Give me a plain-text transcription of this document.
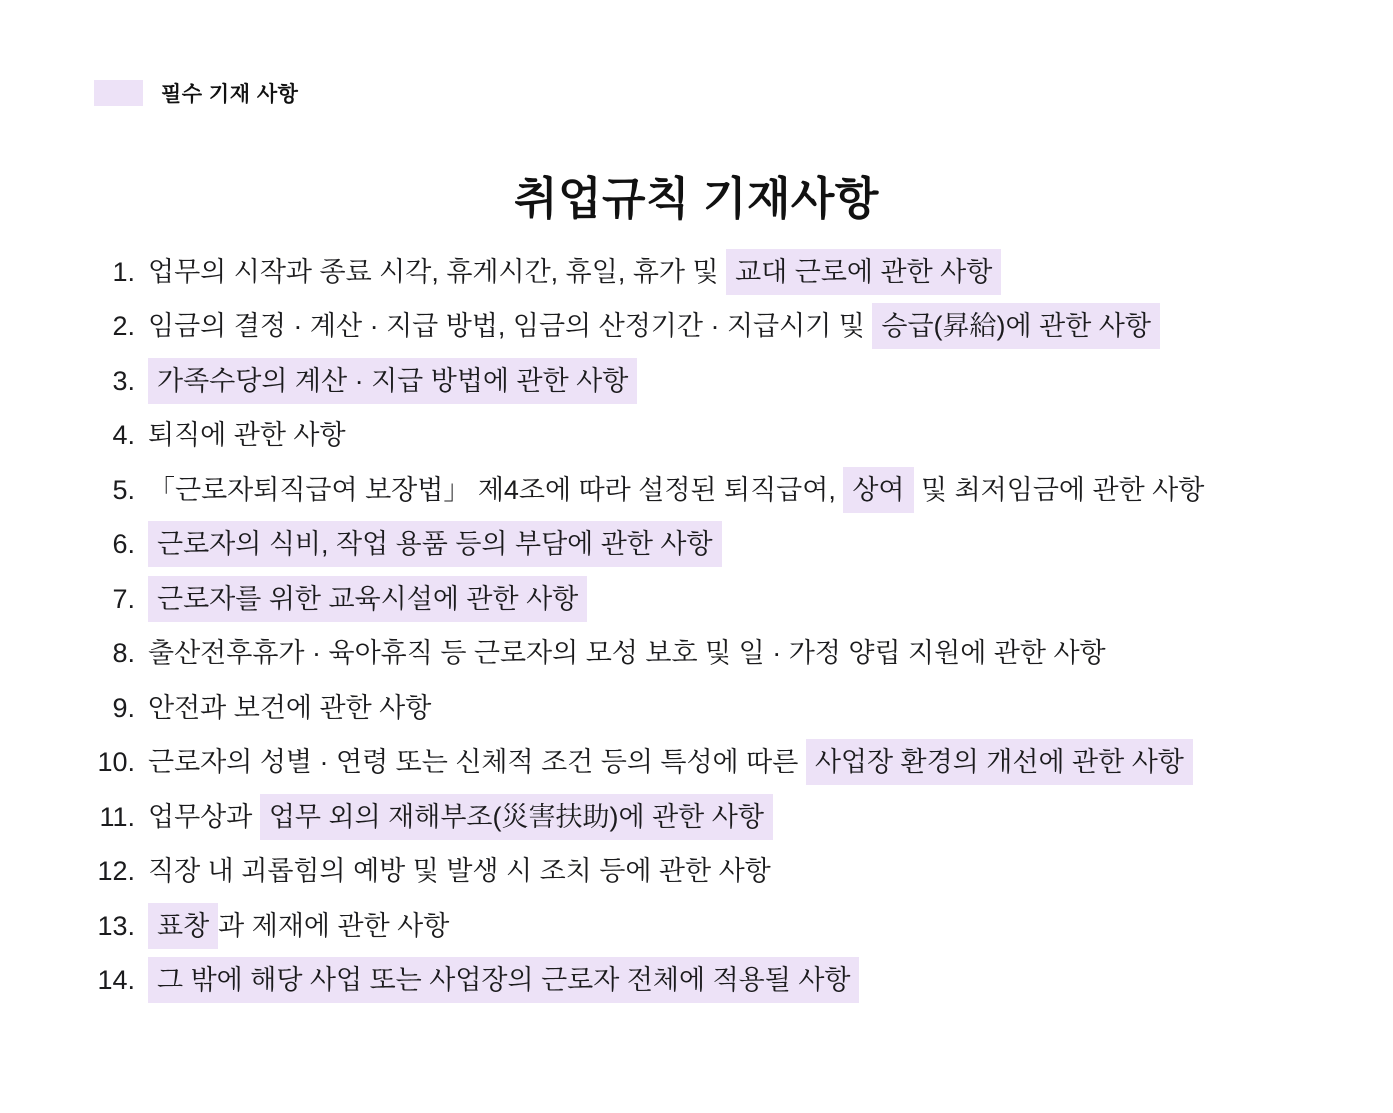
필수 기재 사항
취업규칙 기재사항
1. 업무의 시작과 종료 시각, 휴게시간, 휴일, 휴가 및 교대 근로에 관한 사항
2. 임금의 결정 · 계산 · 지급 방법, 임금의 산정기간 · 지급시기 및 승급(昇給)에 관한 사항
3. 가족수당의 계산 · 지급 방법에 관한 사항
4. 퇴직에 관한 사항
5. 「근로자퇴직급여 보장법」 제4조에 따라 설정된 퇴직급여, 상여 및 최저임금에 관한 사항
6. 근로자의 식비, 작업 용품 등의 부담에 관한 사항
7. 근로자를 위한 교육시설에 관한 사항
8. 출산전후휴가 · 육아휴직 등 근로자의 모성 보호 및 일 · 가정 양립 지원에 관한 사항
9. 안전과 보건에 관한 사항
10. 근로자의 성별 · 연령 또는 신체적 조건 등의 특성에 따른 사업장 환경의 개선에 관한 사항
11. 업무상과 업무 외의 재해부조(災害扶助)에 관한 사항
12. 직장 내 괴롭힘의 예방 및 발생 시 조치 등에 관한 사항
13. 표창 과 제재에 관한 사항
14. 그 밖에 해당 사업 또는 사업장의 근로자 전체에 적용될 사항
